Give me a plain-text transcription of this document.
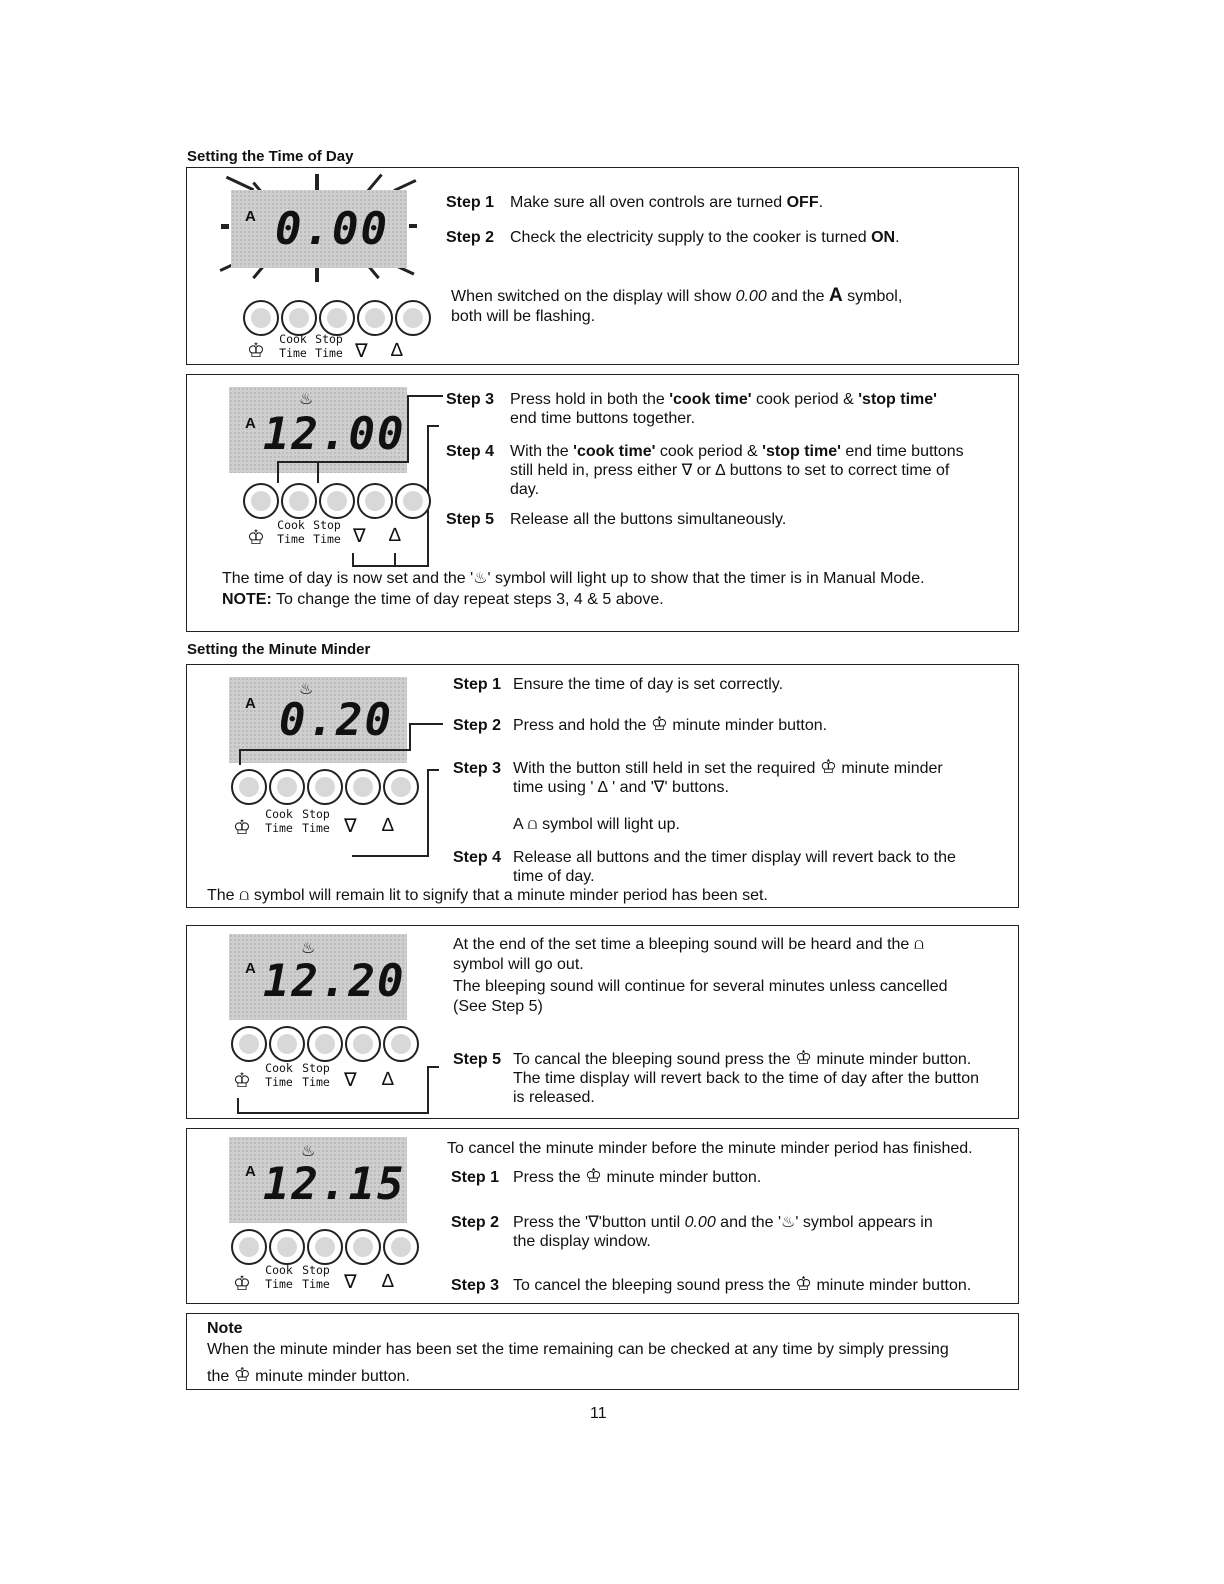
Setting the Time of Day
A 0.00
♔
Cook
Time
Stop
Time ∇ ∆
Step 1 Make sure all oven controls are turned OFF.
Step 2 Check the electricity supply to the cooker is turned ON.
When switched on the display will show 0.00 and the A symbol,
both will be flashing.
A 12.00
♨
♔
Cook
Time
Stop
Time ∇ ∆
Step 3 Press hold in both the 'cook time' cook period & 'stop time'
end time buttons together.
Step 4 With the 'cook time' cook period & 'stop time' end time buttons
still held in, press either ∇ or ∆ buttons to set to correct time of
day.
Step 5 Release all the buttons simultaneously.
The time of day is now set and the '♨' symbol will light up to show that the timer is in Manual Mode.
NOTE: To change the time of day repeat steps 3, 4 & 5 above.
Setting the Minute Minder
A 0.20
♨
♔
Cook
Time
Stop
Time ∇ ∆
Step 1 Ensure the time of day is set correctly.
Step 2 Press and hold the ♔ minute minder button.
Step 3 With the button still held in set the required ♔ minute minder
time using ' ∆ ' and '∇' buttons.
A ⩍ symbol will light up.
Step 4 Release all buttons and the timer display will revert back to the
time of day.
The ⩍ symbol will remain lit to signify that a minute minder period has been set.
A 12.20
♨
♔
Cook
Time
Stop
Time ∇ ∆
At the end of the set time a bleeping sound will be heard and the ⩍
symbol will go out.
The bleeping sound will continue for several minutes unless cancelled
(See Step 5)
Step 5 To cancal the bleeping sound press the ♔ minute minder button.
The time display will revert back to the time of day after the button
is released.
A 12.15
♨
♔
Cook
Time
Stop
Time ∇ ∆
To cancel the minute minder before the minute minder period has finished.
Step 1 Press the ♔ minute minder button.
Step 2 Press the '∇'button until 0.00 and the '♨' symbol appears in
the display window.
Step 3 To cancel the bleeping sound press the ♔ minute minder button.
Note
When the minute minder has been set the time remaining can be checked at any time by simply pressing
the ♔ minute minder button.
11
